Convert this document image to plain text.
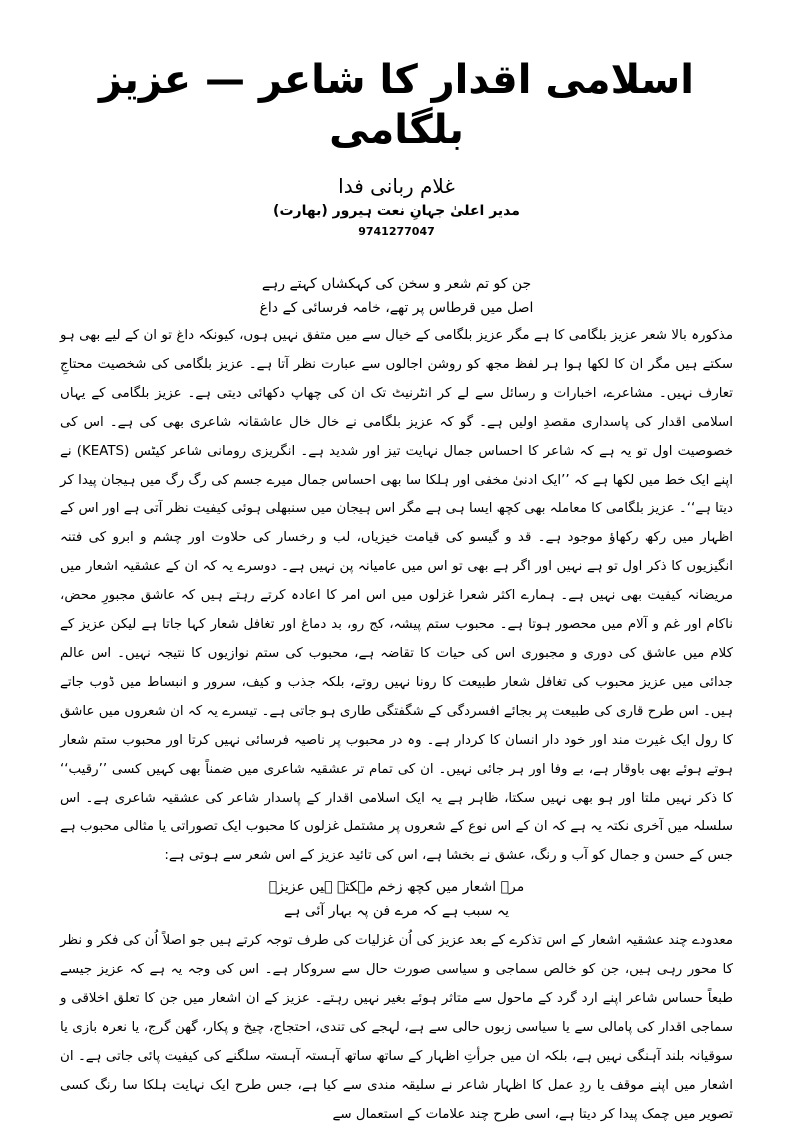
اسلامی اقدار کا شاعر — عزیز بلگامی

غلام ربانی فدا

مدیر اعلیٰ جہانِ نعت ہیرور (بھارت)

9741277047

جن کو تم شعر و سخن کی کہکشاں کہتے رہے

اصل میں قرطاس پر تھے، خامہ فرسائی کے داغ

مذکورہ بالا شعر عزیز بلگامی کا ہے مگر عزیز بلگامی کے خیال سے میں متفق نہیں ہوں، کیونکہ داغ تو ان کے لیے بھی ہو سکتے ہیں مگر ان کا لکھا ہوا ہر لفظ مجھ کو روشن اجالوں سے عبارت نظر آتا ہے۔ عزیز بلگامی کی شخصیت محتاجِ تعارف نہیں۔ مشاعرے، اخبارات و رسائل سے لے کر انٹرنیٹ تک ان کی چھاپ دکھائی دیتی ہے۔ عزیز بلگامی کے یہاں اسلامی اقدار کی پاسداری مقصدِ اولیں ہے۔ گو کہ عزیز بلگامی نے خال خال عاشقانہ شاعری بھی کی ہے۔ اس کی خصوصیت اول تو یہ ہے کہ شاعر کا احساس جمال نہایت تیز اور شدید ہے۔ انگریزی رومانی شاعر کیٹس (KEATS) نے اپنے ایک خط میں لکھا ہے کہ ’’ایک ادنیٰ مخفی اور ہلکا سا بھی احساس جمال میرے جسم کی رگ رگ میں ہیجان پیدا کر دیتا ہے‘‘۔ عزیز بلگامی کا معاملہ بھی کچھ ایسا ہی ہے مگر اس ہیجان میں سنبھلی ہوئی کیفیت نظر آتی ہے اور اس کے اظہار میں رکھ رکھاؤ موجود ہے۔ قد و گیسو کی قیامت خیزیاں، لب و رخسار کی حلاوت اور چشم و ابرو کی فتنہ انگیزیوں کا ذکر اول تو ہے نہیں اور اگر ہے بھی تو اس میں عامیانہ پن نہیں ہے۔ دوسرے یہ کہ ان کے عشقیہ اشعار میں مریضانہ کیفیت بھی نہیں ہے۔ ہمارے اکثر شعرا غزلوں میں اس امر کا اعادہ کرتے رہتے ہیں کہ عاشق مجبورِ محض، ناکام اور غم و آلام میں محصور ہوتا ہے۔ محبوب ستم پیشہ، کج رو، بد دماغ اور تغافل شعار کہا جاتا ہے لیکن عزیز کے کلام میں عاشق کی دوری و مجبوری اس کی حیات کا تقاضہ ہے، محبوب کی ستم نوازیوں کا نتیجہ نہیں۔ اس عالم جدائی میں عزیز محبوب کی تغافل شعار طبیعت کا رونا نہیں روتے، بلکہ جذب و کیف، سرور و انبساط میں ڈوب جاتے ہیں۔ اس طرح قاری کی طبیعت پر بجائے افسردگی کے شگفتگی طاری ہو جاتی ہے۔ تیسرے یہ کہ ان شعروں میں عاشق کا رول ایک غیرت مند اور خود دار انسان کا کردار ہے۔ وہ در محبوب پر ناصیہ فرسائی نہیں کرتا اور محبوب ستم شعار ہوتے ہوئے بھی باوقار ہے، بے وفا اور ہر جائی نہیں۔ ان کی تمام تر عشقیہ شاعری میں ضمناً بھی کہیں کسی ’’رقیب‘‘ کا ذکر نہیں ملتا اور ہو بھی نہیں سکتا، ظاہر ہے یہ ایک اسلامی اقدار کے پاسدار شاعر کی عشقیہ شاعری ہے۔ اس سلسلہ میں آخری نکتہ یہ ہے کہ ان کے اس نوع کے شعروں پر مشتمل غزلوں کا محبوب ایک تصوراتی یا مثالی محبوب ہے جس کے حسن و جمال کو آب و رنگ، عشق نے بخشا ہے، اس کی تائید عزیز کے اس شعر سے ہوتی ہے:

مرے اشعار میں کچھ زخم مہکتے ہیں عزیزؔ

یہ سبب ہے کہ مرے فن پہ بہار آئی ہے

معدودے چند عشقیہ اشعار کے اس تذکرے کے بعد عزیز کی اُن غزلیات کی طرف توجہ کرتے ہیں جو اصلاً اُن کی فکر و نظر کا محور رہی ہیں، جن کو خالص سماجی و سیاسی صورت حال سے سروکار ہے۔ اس کی وجہ یہ ہے کہ عزیز جیسے طبعاً حساس شاعر اپنے ارد گرد کے ماحول سے متاثر ہوئے بغیر نہیں رہتے۔ عزیز کے ان اشعار میں جن کا تعلق اخلاقی و سماجی اقدار کی پامالی سے یا سیاسی زبوں حالی سے ہے، لہجے کی تندی، احتجاج، چیخ و پکار، گھن گرج، یا نعرہ بازی یا سوقیانہ بلند آہنگی نہیں ہے، بلکہ ان میں جرأتِ اظہار کے ساتھ ساتھ آہستہ آہستہ سلگنے کی کیفیت پائی جاتی ہے۔ ان اشعار میں اپنے موقف یا ردِ عمل کا اظہار شاعر نے سلیقہ مندی سے کیا ہے، جس طرح ایک نہایت ہلکا سا رنگ کسی تصویر میں چمک پیدا کر دیتا ہے، اسی طرح چند علامات کے استعمال سے
